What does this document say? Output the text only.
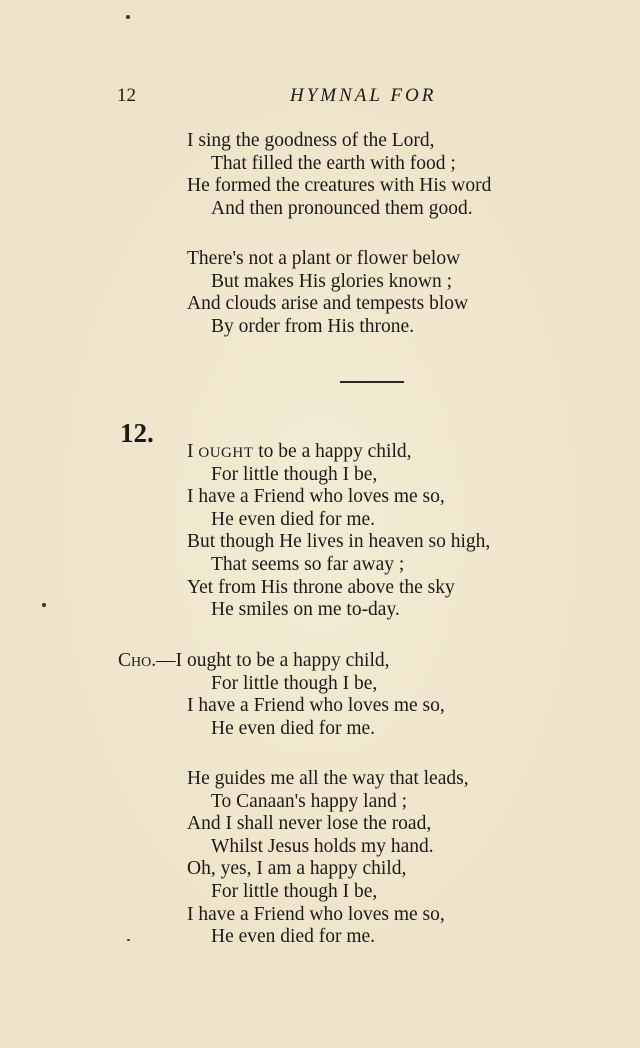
12	HYMNAL FOR
I sing the goodness of the Lord,
That filled the earth with food ;
He formed the creatures with His word
And then pronounced them good.
There's not a plant or flower below
But makes His glories known ;
And clouds arise and tempests blow
By order from His throne.
12.
I OUGHT to be a happy child,
For little though I be,
I have a Friend who loves me so,
He even died for me.
But though He lives in heaven so high,
That seems so far away ;
Yet from His throne above the sky
He smiles on me to-day.
Cho.—I ought to be a happy child,
For little though I be,
I have a Friend who loves me so,
He even died for me.
He guides me all the way that leads,
To Canaan's happy land ;
And I shall never lose the road,
Whilst Jesus holds my hand.
Oh, yes, I am a happy child,
For little though I be,
I have a Friend who loves me so,
He even died for me.
